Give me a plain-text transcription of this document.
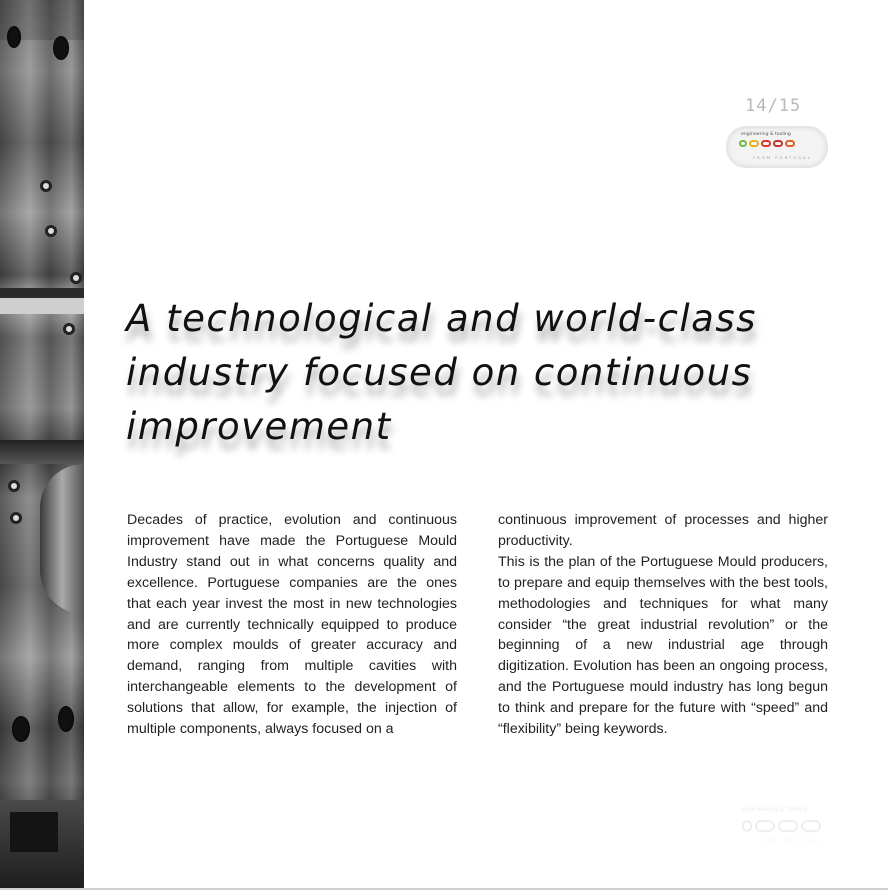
14/15
engineering & tooling
FROM PORTUGAL
A technological and world-class
industry focused on continuous
improvement

Decades of practice, evolution and continuous improvement have made the Portuguese Mould Industry stand out in what concerns quality and excellence. Portuguese companies are the ones that each year invest the most in new technologies and are currently technically equipped to produce more complex moulds of greater accuracy and demand, ranging from multiple cavities with interchangeable elements to the development of solutions that allow, for example, the injection of multiple components, always focused on a

continuous improvement of processes and higher productivity.

This is the plan of the Portuguese Mould producers, to prepare and equip themselves with the best tools, methodologies and techniques for what many consider “the great industrial revolution” or the beginning of a new industrial age through digitization. Evolution has been an ongoing process, and the Portuguese mould industry has long begun to think and prepare for the future with “speed” and “flexibility” being keywords.

engineering & tooling
FROM PORTUGAL
